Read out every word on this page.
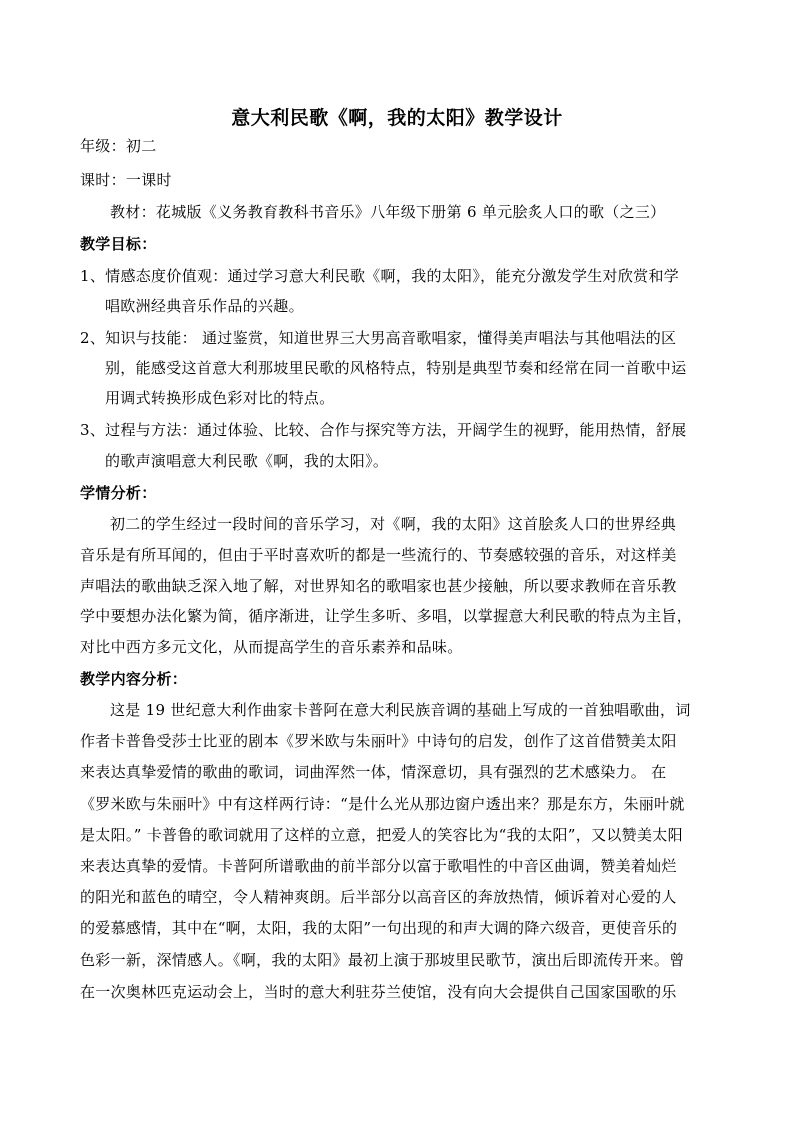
意大利民歌《啊，我的太阳》教学设计
年级：初二
课时：一课时
教材：花城版《义务教育教科书音乐》八年级下册第 6 单元脍炙人口的歌（之三）
教学目标：
1、情感态度价值观：通过学习意大利民歌《啊，我的太阳》，能充分激发学生对欣赏和学
唱欧洲经典音乐作品的兴趣。
2、知识与技能： 通过鉴赏，知道世界三大男高音歌唱家，懂得美声唱法与其他唱法的区
别，能感受这首意大利那坡里民歌的风格特点，特别是典型节奏和经常在同一首歌中运
用调式转换形成色彩对比的特点。
3、过程与方法：通过体验、比较、合作与探究等方法，开阔学生的视野，能用热情，舒展
的歌声演唱意大利民歌《啊，我的太阳》。
学情分析：
初二的学生经过一段时间的音乐学习，对《啊，我的太阳》这首脍炙人口的世界经典
音乐是有所耳闻的，但由于平时喜欢听的都是一些流行的、节奏感较强的音乐，对这样美
声唱法的歌曲缺乏深入地了解，对世界知名的歌唱家也甚少接触，所以要求教师在音乐教
学中要想办法化繁为简，循序渐进，让学生多听、多唱，以掌握意大利民歌的特点为主旨，
对比中西方多元文化，从而提高学生的音乐素养和品味。
教学内容分析：
这是 19 世纪意大利作曲家卡普阿在意大利民族音调的基础上写成的一首独唱歌曲，词
作者卡普鲁受莎士比亚的剧本《罗米欧与朱丽叶》中诗句的启发，创作了这首借赞美太阳
来表达真挚爱情的歌曲的歌词，词曲浑然一体，情深意切，具有强烈的艺术感染力。 在
《罗米欧与朱丽叶》中有这样两行诗：“是什么光从那边窗户透出来？那是东方，朱丽叶就
是太阳。” 卡普鲁的歌词就用了这样的立意，把爱人的笑容比为“我的太阳”，又以赞美太阳
来表达真挚的爱情。卡普阿所谱歌曲的前半部分以富于歌唱性的中音区曲调，赞美着灿烂
的阳光和蓝色的晴空，令人精神爽朗。后半部分以高音区的奔放热情，倾诉着对心爱的人
的爱慕感情，其中在“啊，太阳，我的太阳”一句出现的和声大调的降六级音，更使音乐的
色彩一新，深情感人。《啊，我的太阳》最初上演于那坡里民歌节，演出后即流传开来。曾
在一次奥林匹克运动会上，当时的意大利驻芬兰使馆，没有向大会提供自己国家国歌的乐
